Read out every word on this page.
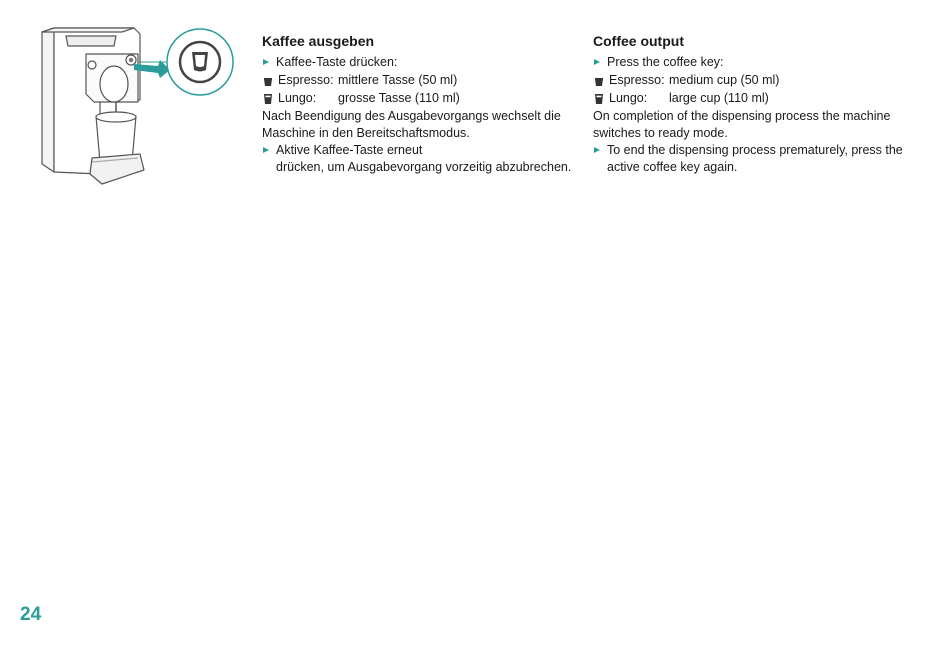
Kaffee ausgeben
Kaffee-Taste drücken:
Espresso: mittlere Tasse (50 ml)
Lungo:	grosse Tasse (110 ml)
Nach Beendigung des Ausgabevorgangs wechselt die Maschine in den Bereitschaftsmodus.
Aktive Kaffee-Taste erneut
drücken, um Ausgabevorgang vorzeitig abzubrechen.
Coffee output
Press the coffee key:
Espresso: medium cup (50 ml)
Lungo:	large cup (110 ml)
On completion of the dispensing process the machine switches to ready mode.
To end the dispensing process prematurely, press the active coffee key again.
24
